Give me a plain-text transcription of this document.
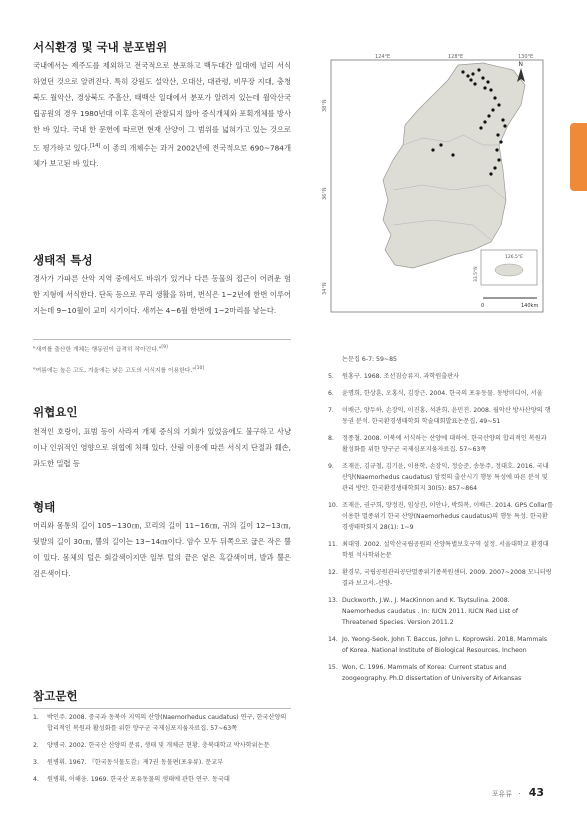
서식환경 및 국내 분포범위

국내에서는 제주도를 제외하고 전국적으로 분포하고 백두대간 일대에 널리 서식하였던 것으로 알려진다. 특히 강원도 설악산, 오대산, 대관령, 비무장 지대, 충청북도 월악산, 경상북도 주흘산, 태백산 일대에서 분포가 알려져 있는데 월악산국립공원의 경우 1980년대 이후 흔적이 관찰되지 않아 증식개체와 포획개체를 방사한 바 있다. 국내 한 문헌에 따르면 현재 산양이 그 범위를 넓혀가고 있는 것으로 도 평가하고 있다.[14] 이 종의 개체수는 과거 2002년에 전국적으로 690~784개체가 보고된 바 있다.

생태적 특성

경사가 가파른 산악 지역 중에서도 바위가 있거나 다른 동물의 접근이 어려운 험한 지형에 서식한다. 단독 등으로 무리 생활을 하며, 번식은 1~2년에 한번 이루어지는데 9~10월이 교미 시기이다. 새끼는 4~6월 한번에 1~2마리를 낳는다.

"새끼를 출산한 개체는 행동권이 급격히 작아진다."[9]
"여름에는 높은 고도, 겨울에는 낮은 고도의 서식지를 이용한다."[10]
위협요인

천적인 호랑이, 표범 등이 사라져 개체 증식의 기회가 있었음에도 불구하고 사냥이나 인위적인 영향으로 위협에 처해 있다. 산림 이용에 따른 서식지 단절과 훼손, 과도한 밀렵 등

형태

머리와 몸통의 길이 105~130㎝, 꼬리의 길이 11~16㎝, 귀의 길이 12~13㎝, 뒷발의 길이 30㎝, 뿔의 길이는 13~14㎝이다. 암수 모두 뒤쪽으로 굽은 작은 뿔이 있다. 몸체의 털은 회갈색이지만 일부 털의 끝은 옅은 흑갈색이며, 발과 뿔은 검은색이다.

참고문헌
1.	박인주. 2008. 중국과 동북아 지역의 산양(Naemorhedus caudatus) 연구, 한국산양의 합리적인 복원과 활성화를 위한 양구군 국제심포지움자료집. 57~63쪽
2.	양병국. 2002. 한국산 산양의 분류, 생태 및 개체군 현황. 충북대학교 박사학위논문
3.	원병휘. 1967. 『한국동식물도감』제7권 동물편(포유류). 문교부
4.	원병휘, 이해웅. 1969. 한국산 포유동물의 생태에 관한 연구. 동국대
논문집 6-7: 59~85
5.	원홍구. 1968. 조선짐승류지. 과학원출판사
6.	윤명희, 한상훈, 오홍식, 김장근. 2004. 한국의 포유동물. 동방미디어, 서울
7.	이배근, 양두하, 손장익, 이진홍, 석관희, 윤민진. 2008. 월악산 방사산양의 행동권 분석. 한국환경생태학회 학술대회발표논문집, 49~51
8.	정종쳘. 2008. 이북에 서식하는 산양에 대하여. 한국산양의 합리적인 복원과 활성화를 위한 양구군 국제심포지움자료집. 57~63쪽
9.	조재운, 김규철, 김기윤, 이용학, 손장익, 정승준, 송동주, 정대호. 2016. 국내 산양(Naemorhedus caudatus) 암컷의 출산시기 행동 특성에 따른 분석 및 관리 방안. 한국환경생태학회지 30(5): 857~864
10. 조재운, 권구희, 양정진, 임상진, 이안나, 박희복, 이배근. 2014. GPS Collar를 이용한 멸종위기 한국 산양(Naemorhedus caudatus)의 행동 특성. 한국환경생태학회지 28(1): 1~9
11. 최대영. 2002. 설악산국립공원의 산양특별보호구역 설정. 서울대학교 환경대학원 석사학위논문
12. 환경부, 국립공원관리공단멸종위기종복원센터. 2009. 2007~2008 모니터링 결과 보고서.-산양-
13. Duckworth, J.W., J. MacKinnon and K. Tsytsulina. 2008. Naemorhedus caudatus . In: IUCN 2011. IUCN Red List of Threatened Species. Version 2011.2
14. Jo, Yeong-Seok, John T. Baccus, John L. Koprowski. 2018. Mammals of Korea. National Institute of Biological Resources, Incheon
15. Won, C. 1996. Mammals of Korea: Current status and zoogeography. Ph.D dissertation of University of Arkansas
124°E	128°E	130°E
38°N
36°N
34°N
N
126.5°E
33.5°N
0	140km
포유류 · 43
